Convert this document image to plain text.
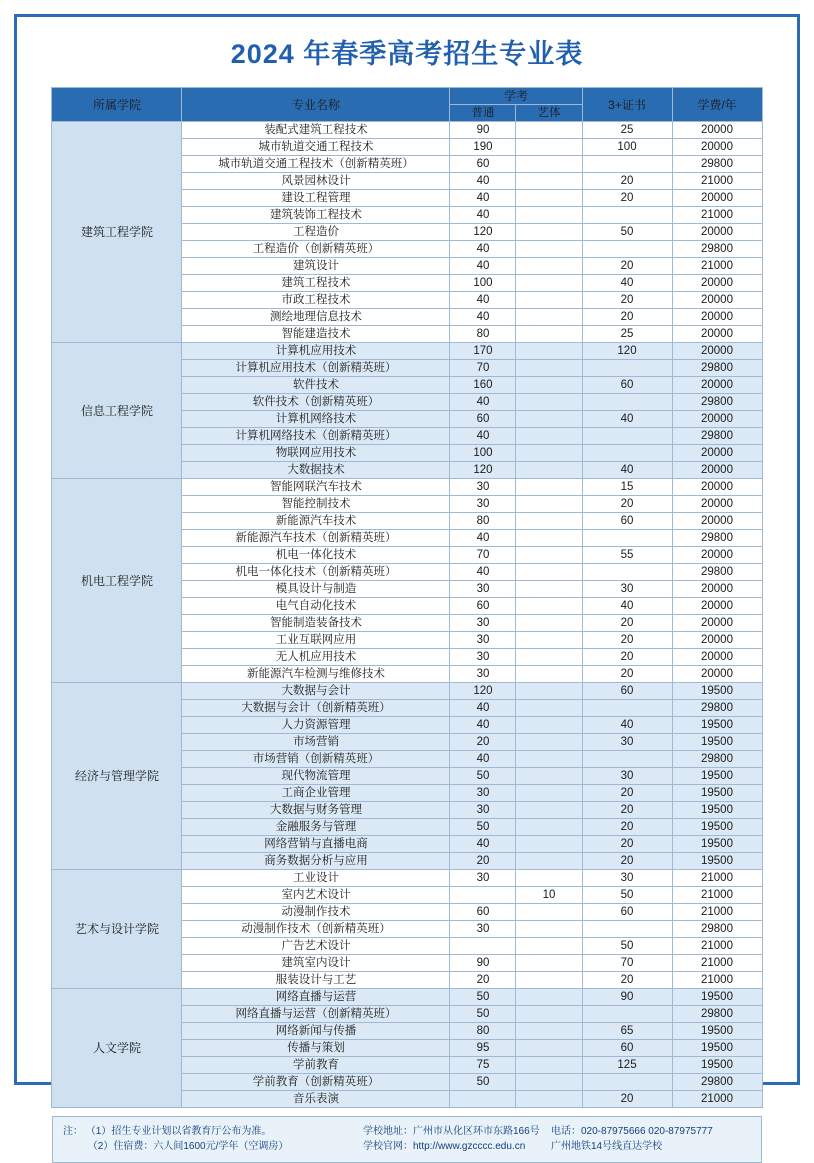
2024 年春季高考招生专业表
所属学院	专业名称	学考		3+证书	学费/年
		普通	艺体		
建筑工程学院	装配式建筑工程技术	90		25	20000
	城市轨道交通工程技术	190		100	20000
	城市轨道交通工程技术（创新精英班）	60			29800
	风景园林设计	40		20	21000
	建设工程管理	40		20	20000
	建筑装饰工程技术	40			21000
	工程造价	120		50	20000
	工程造价（创新精英班）	40			29800
	建筑设计	40		20	21000
	建筑工程技术	100		40	20000
	市政工程技术	40		20	20000
	测绘地理信息技术	40		20	20000
	智能建造技术	80		25	20000
信息工程学院	计算机应用技术	170		120	20000
	计算机应用技术（创新精英班）	70			29800
	软件技术	160		60	20000
	软件技术（创新精英班）	40			29800
	计算机网络技术	60		40	20000
	计算机网络技术（创新精英班）	40			29800
	物联网应用技术	100			20000
	大数据技术	120		40	20000
机电工程学院	智能网联汽车技术	30		15	20000
	智能控制技术	30		20	20000
	新能源汽车技术	80		60	20000
	新能源汽车技术（创新精英班）	40			29800
	机电一体化技术	70		55	20000
	机电一体化技术（创新精英班）	40			29800
	模具设计与制造	30		30	20000
	电气自动化技术	60		40	20000
	智能制造装备技术	30		20	20000
	工业互联网应用	30		20	20000
	无人机应用技术	30		20	20000
	新能源汽车检测与维修技术	30		20	20000
经济与管理学院	大数据与会计	120		60	19500
	大数据与会计（创新精英班）	40			29800
	人力资源管理	40		40	19500
	市场营销	20		30	19500
	市场营销（创新精英班）	40			29800
	现代物流管理	50		30	19500
	工商企业管理	30		20	19500
	大数据与财务管理	30		20	19500
	金融服务与管理	50		20	19500
	网络营销与直播电商	40		20	19500
	商务数据分析与应用	20		20	19500
艺术与设计学院	工业设计	30		30	21000
	室内艺术设计		10	50	21000
	动漫制作技术	60		60	21000
	动漫制作技术（创新精英班）	30			29800
	广告艺术设计			50	21000
	建筑室内设计	90		70	21000
	服装设计与工艺	20		20	21000
人文学院	网络直播与运营	50		90	19500
	网络直播与运营（创新精英班）	50			29800
	网络新闻与传播	80		65	19500
	传播与策划	95		60	19500
	学前教育	75		125	19500
	学前教育（创新精英班）	50			29800
	音乐表演			20	21000
注： （1）招生专业计划以省教育厅公布为准。	学校地址：广州市从化区环市东路166号	电话：020-87975666 020-87975777
（2）住宿费：六人间1600元/学年（空调房）	学校官网：http://www.gzcccc.edu.cn	广州地铁14号线直达学校
